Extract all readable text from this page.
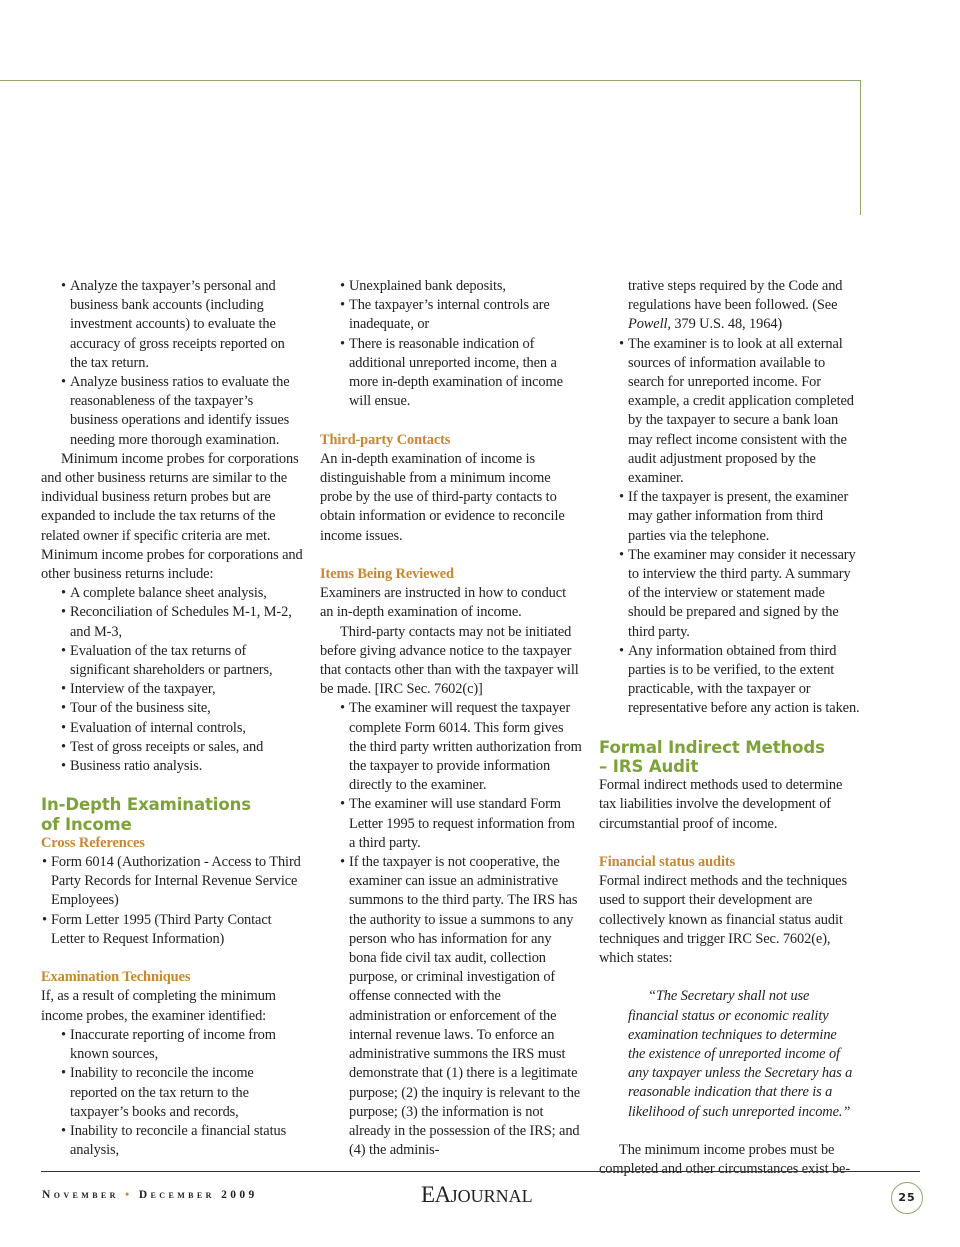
• Analyze the taxpayer’s personal and business bank accounts (including investment accounts) to evaluate the accuracy of gross receipts reported on the tax return.
• Analyze business ratios to evaluate the reasonableness of the taxpayer’s business operations and identify issues needing more thorough examination.

Minimum income probes for corporations and other business returns are similar to the individual business return probes but are expanded to include the tax returns of the related owner if specific criteria are met. Minimum income probes for corporations and other business returns include:

• A complete balance sheet analysis,
• Reconciliation of Schedules M-1, M-2, and M-3,
• Evaluation of the tax returns of significant shareholders or partners,
• Interview of the taxpayer,
• Tour of the business site,
• Evaluation of internal controls,
• Test of gross receipts or sales, and
• Business ratio analysis.
In-Depth Examinations
of Income

Cross References

• Form 6014 (Authorization - Access to Third Party Records for Internal Revenue Service Employees)
• Form Letter 1995 (Third Party Contact Letter to Request Information)

Examination Techniques

If, as a result of completing the minimum income probes, the examiner identified:

• Inaccurate reporting of income from known sources,
• Inability to reconcile the income reported on the tax return to the taxpayer’s books and records,
• Inability to reconcile a financial status analysis,
• Unexplained bank deposits,
• The taxpayer’s internal controls are inadequate, or
• There is reasonable indication of additional unreported income, then a more in-depth examination of income will ensue.

Third-party Contacts

An in-depth examination of income is distinguishable from a minimum income probe by the use of third-party contacts to obtain information or evidence to reconcile income issues.

Items Being Reviewed

Examiners are instructed in how to conduct an in-depth examination of income.

Third-party contacts may not be initiated before giving advance notice to the taxpayer that contacts other than with the taxpayer will be made. [IRC Sec. 7602(c)]

• The examiner will request the taxpayer complete Form 6014. This form gives the third party written authorization from the taxpayer to provide information directly to the examiner.
• The examiner will use standard Form Letter 1995 to request information from a third party.
• If the taxpayer is not cooperative, the examiner can issue an administrative summons to the third party. The IRS has the authority to issue a summons to any person who has information for any bona fide civil tax audit, collection purpose, or criminal investigation of offense connected with the administration or enforcement of the internal revenue laws. To enforce an administrative summons the IRS must demonstrate that (1) there is a legitimate purpose; (2) the inquiry is relevant to the purpose; (3) the information is not already in the possession of the IRS; and (4) the adminis-

trative steps required by the Code and regulations have been followed. (See Powell, 379 U.S. 48, 1964)

• The examiner is to look at all external sources of information available to search for unreported income. For example, a credit application completed by the taxpayer to secure a bank loan may reflect income consistent with the audit adjustment proposed by the examiner.
• If the taxpayer is present, the examiner may gather information from third parties via the telephone.
• The examiner may consider it necessary to interview the third party. A summary of the interview or statement made should be prepared and signed by the third party.
• Any information obtained from third parties is to be verified, to the extent practicable, with the taxpayer or representative before any action is taken.
Formal Indirect Methods
– IRS Audit

Formal indirect methods used to determine tax liabilities involve the development of circumstantial proof of income.

Financial status audits

Formal indirect methods and the techniques used to support their development are collectively known as financial status audit techniques and trigger IRC Sec. 7602(e), which states:

“The Secretary shall not use financial status or economic reality examination techniques to determine the existence of unreported income of any taxpayer unless the Secretary has a reasonable indication that there is a likelihood of such unreported income.”

The minimum income probes must be completed and other circumstances exist be-

November • December 2009	EAJOURNAL	25
